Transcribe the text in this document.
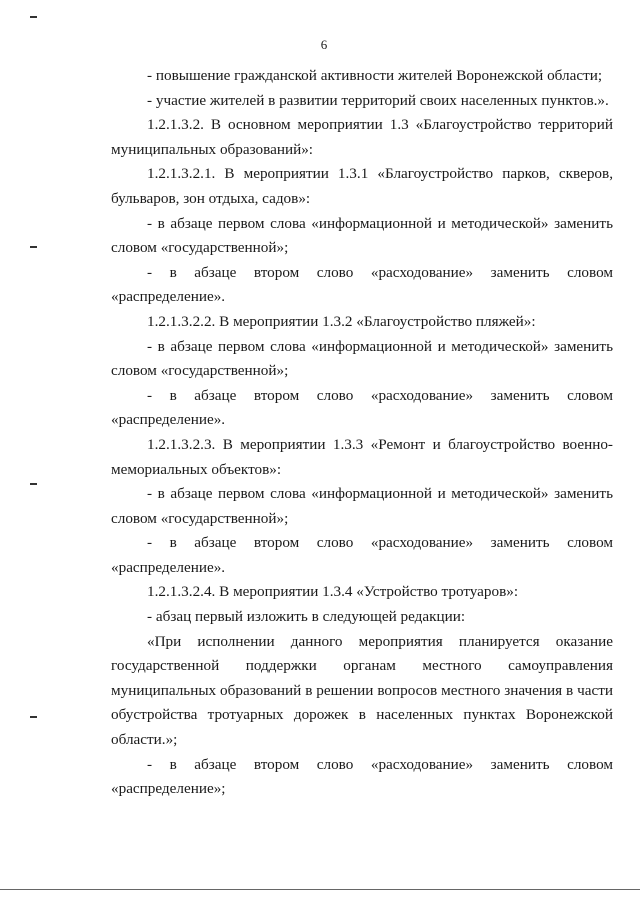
6
- повышение гражданской активности жителей Воронежской области;
- участие жителей в развитии территорий своих населенных пунктов.».
1.2.1.3.2. В основном мероприятии 1.3 «Благоустройство территорий
муниципальных образований»:
1.2.1.3.2.1. В мероприятии 1.3.1 «Благоустройство парков, скверов,
бульваров, зон отдыха, садов»:
- в абзаце первом слова «информационной и методической» заменить
словом «государственной»;
- в абзаце втором слово «расходование» заменить словом
«распределение».
1.2.1.3.2.2. В мероприятии 1.3.2 «Благоустройство пляжей»:
- в абзаце первом слова «информационной и методической» заменить
словом «государственной»;
- в абзаце втором слово «расходование» заменить словом
«распределение».
1.2.1.3.2.3. В мероприятии 1.3.3 «Ремонт и благоустройство военно-
мемориальных объектов»:
- в абзаце первом слова «информационной и методической» заменить
словом «государственной»;
- в абзаце втором слово «расходование» заменить словом
«распределение».
1.2.1.3.2.4. В мероприятии 1.3.4 «Устройство тротуаров»:
- абзац первый изложить в следующей редакции:
«При исполнении данного мероприятия планируется оказание
государственной поддержки органам местного самоуправления
муниципальных образований в решении вопросов местного значения в части
обустройства тротуарных дорожек в населенных пунктах Воронежской
области.»;
- в абзаце втором слово «расходование» заменить словом
«распределение»;
